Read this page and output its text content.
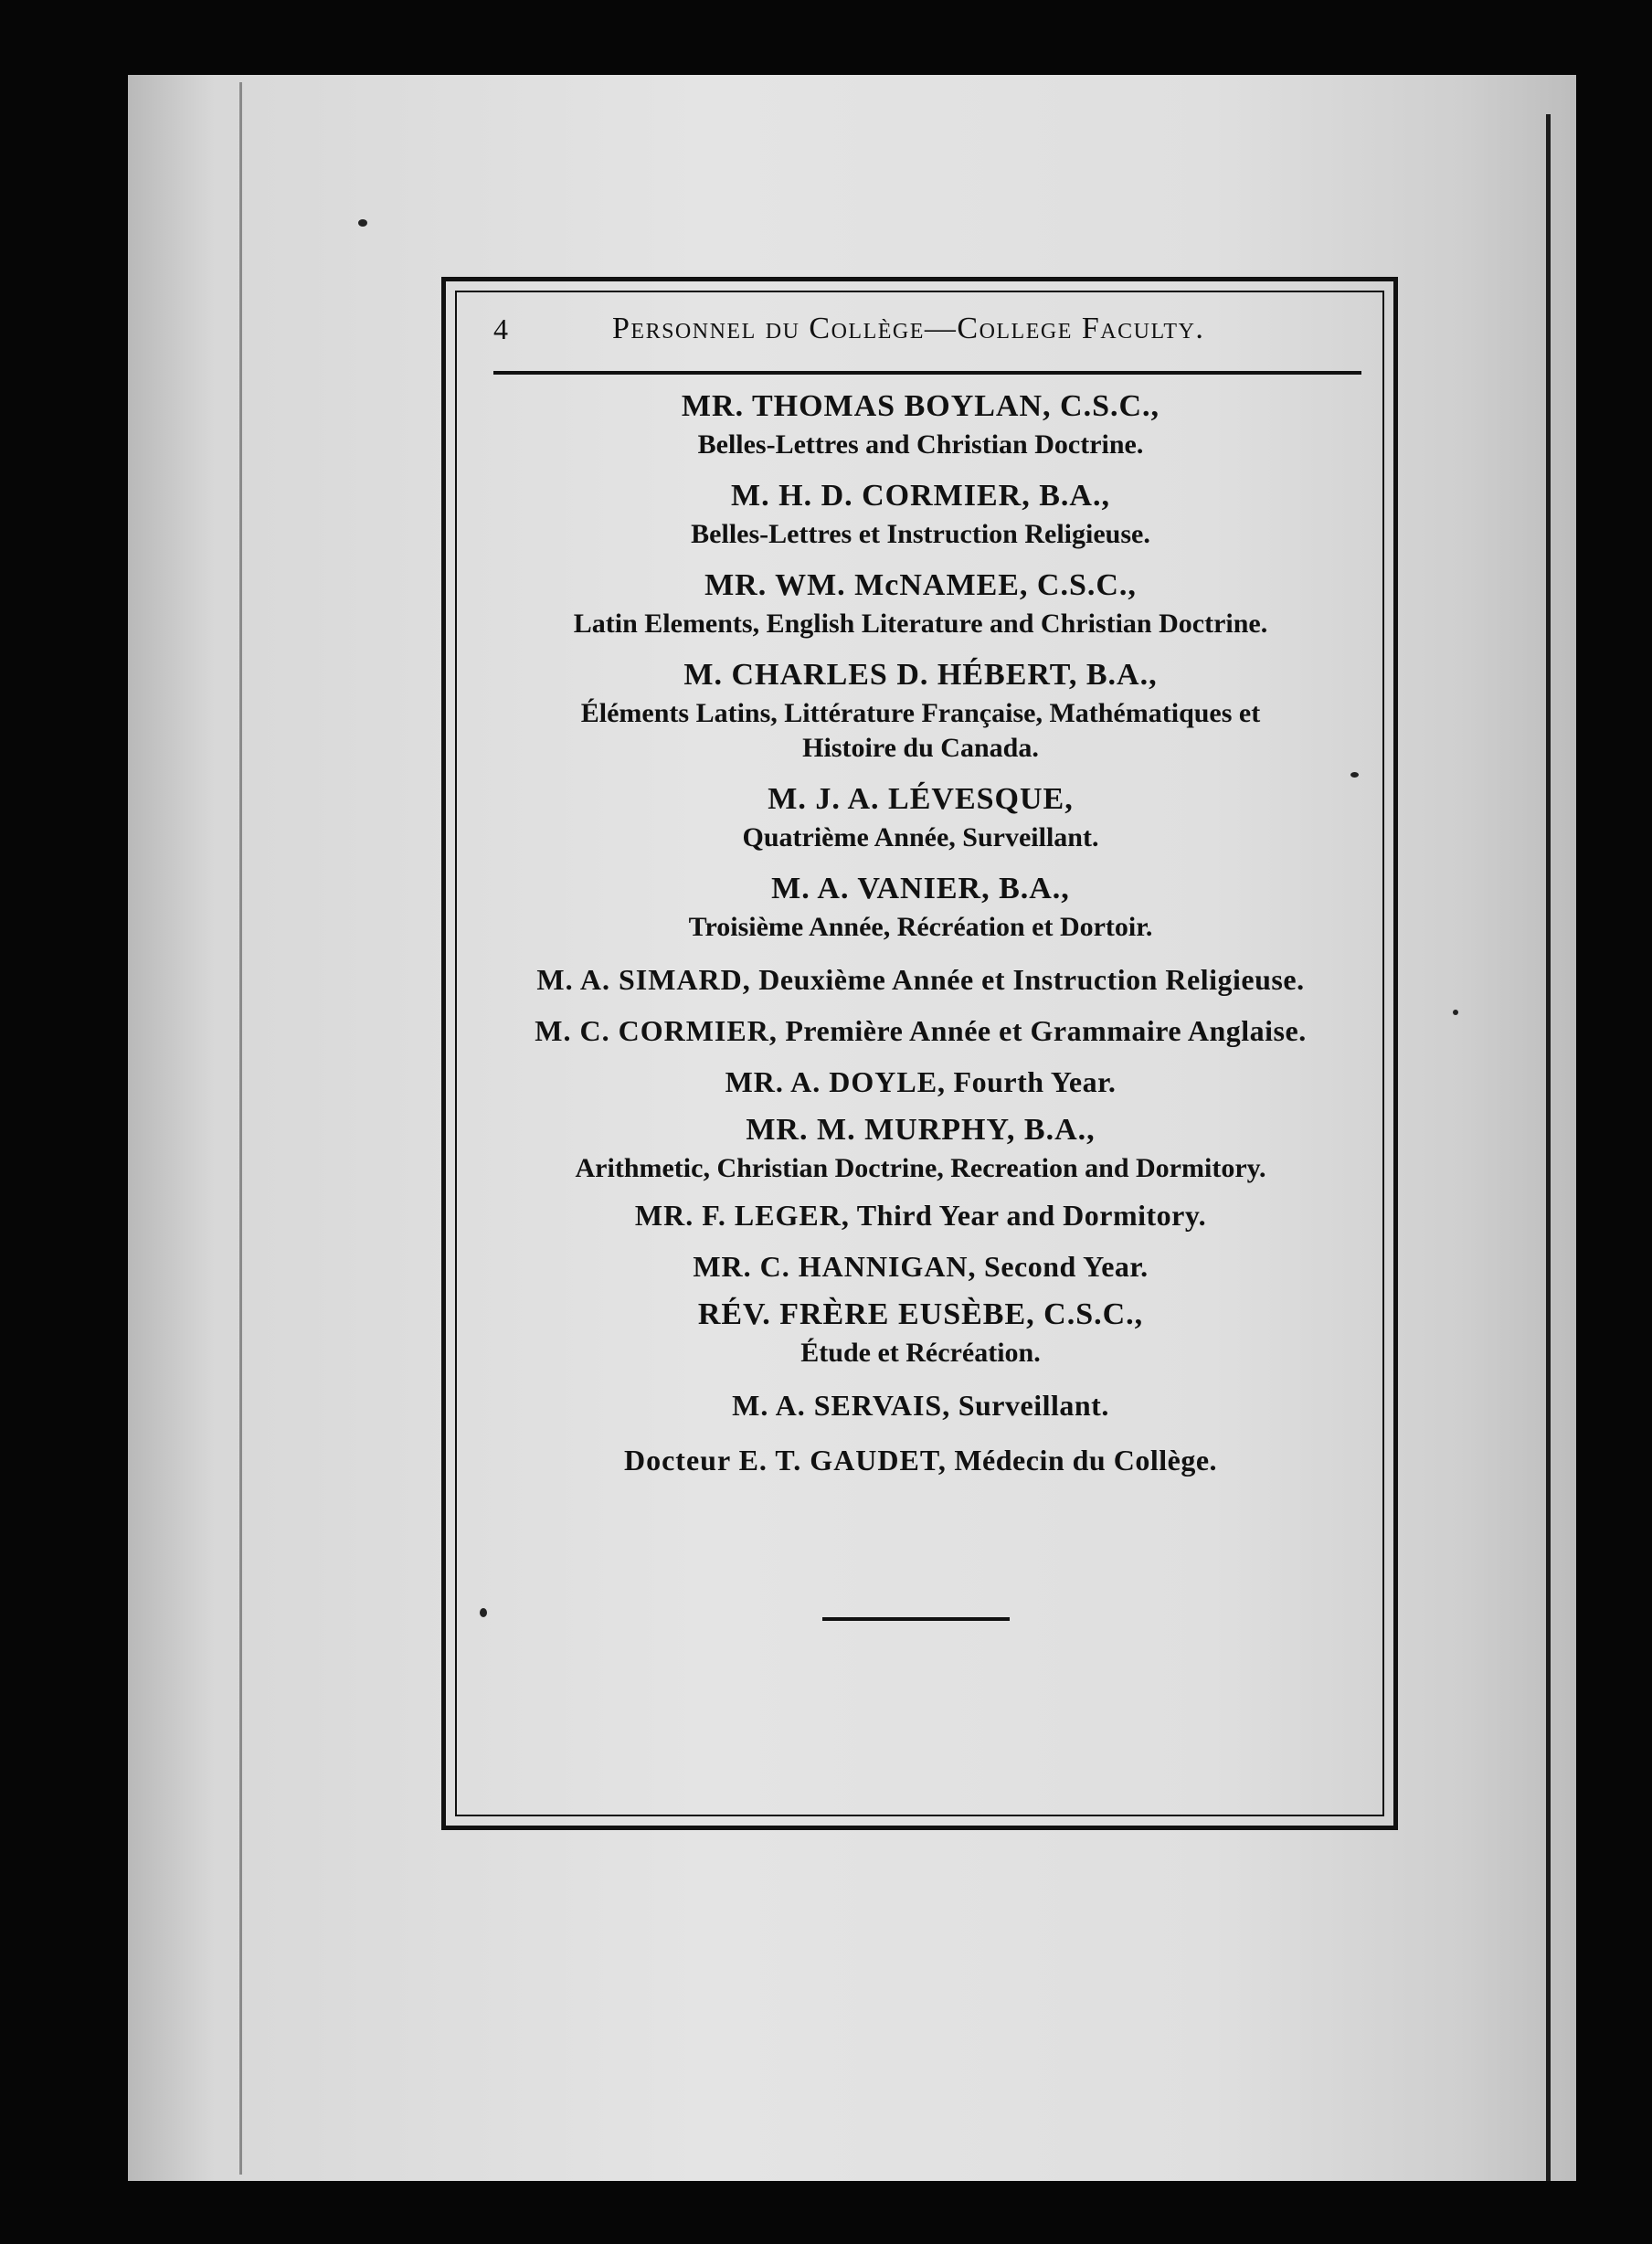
4	Personnel du Collège—College Faculty.
MR. THOMAS BOYLAN, C.S.C.,
Belles-Lettres and Christian Doctrine.
M. H. D. CORMIER, B.A.,
Belles-Lettres et Instruction Religieuse.
MR. WM. McNAMEE, C.S.C.,
Latin Elements, English Literature and Christian Doctrine.
M. CHARLES D. HÉBERT, B.A.,
Éléments Latins, Littérature Française, Mathématiques et
Histoire du Canada.
M. J. A. LÉVESQUE,
Quatrième Année, Surveillant.
M. A. VANIER, B.A.,
Troisième Année, Récréation et Dortoir.
M. A. SIMARD, Deuxième Année et Instruction Religieuse.
M. C. CORMIER, Première Année et Grammaire Anglaise.
MR. A. DOYLE, Fourth Year.
MR. M. MURPHY, B.A.,
Arithmetic, Christian Doctrine, Recreation and Dormitory.
MR. F. LEGER, Third Year and Dormitory.
MR. C. HANNIGAN, Second Year.
RÉV. FRÈRE EUSÈBE, C.S.C.,
Étude et Récréation.
M. A. SERVAIS, Surveillant.
Docteur E. T. GAUDET, Médecin du Collège.
